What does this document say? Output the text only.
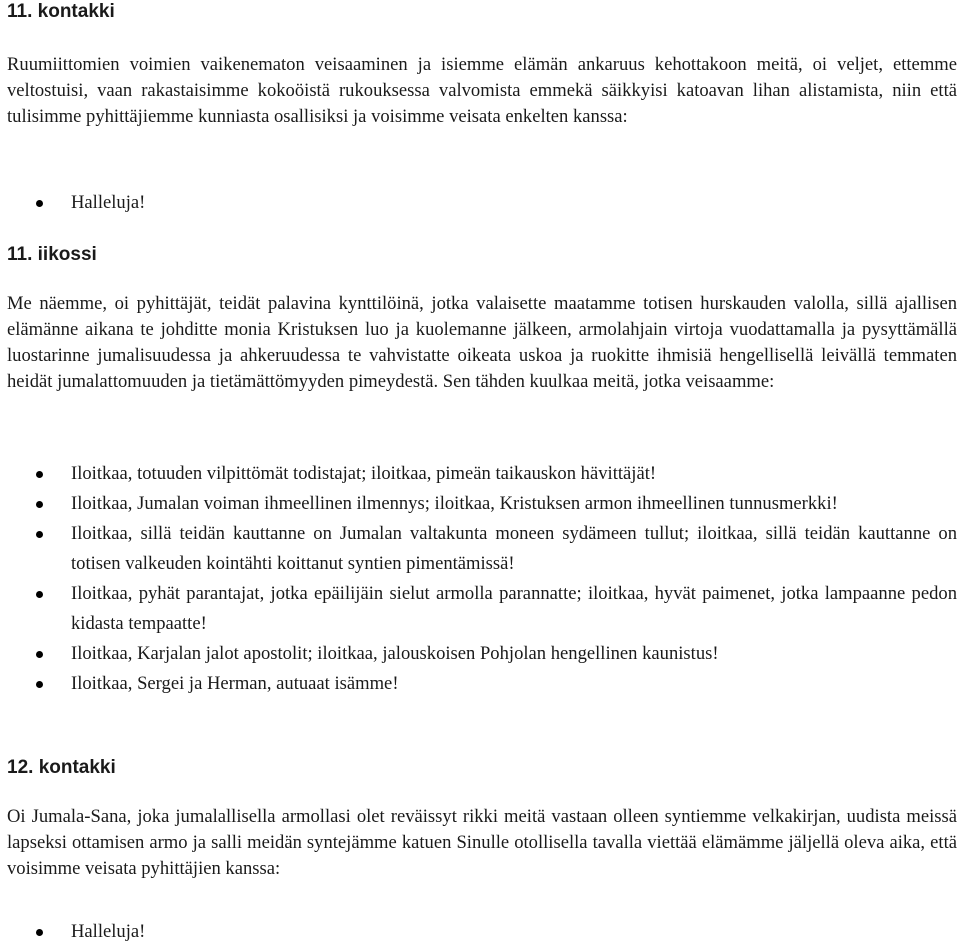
11. kontakki

Ruumiittomien voimien vaikenematon veisaaminen ja isiemme elämän ankaruus kehottakoon meitä, oi veljet, ettemme veltostuisi, vaan rakastaisimme kokoöistä rukouksessa valvomista emmekä säikkyisi katoavan lihan alistamista, niin että tulisimme pyhittäjiemme kunniasta osallisiksi ja voisimme veisata enkelten kanssa:

Halleluja!
11. iikossi

Me näemme, oi pyhittäjät, teidät palavina kynttilöinä, jotka valaisette maatamme totisen hurskauden valolla, sillä ajallisen elämänne aikana te johditte monia Kristuksen luo ja kuolemanne jälkeen, armolahjain virtoja vuodattamalla ja pysyttämällä luostarinne jumalisuudessa ja ahkeruudessa te vahvistatte oikeata uskoa ja ruokitte ihmisiä hengellisellä leivällä temmaten heidät jumalattomuuden ja tietämättömyyden pimeydestä. Sen tähden kuulkaa meitä, jotka veisaamme:

Iloitkaa, totuuden vilpittömät todistajat; iloitkaa, pimeän taikauskon hävittäjät!
Iloitkaa, Jumalan voiman ihmeellinen ilmennys; iloitkaa, Kristuksen armon ihmeellinen tunnusmerkki!
Iloitkaa, sillä teidän kauttanne on Jumalan valtakunta moneen sydämeen tullut; iloitkaa, sillä teidän kauttanne on totisen valkeuden kointähti koittanut syntien pimentämissä!
Iloitkaa, pyhät parantajat, jotka epäilijäin sielut armolla parannatte; iloitkaa, hyvät paimenet, jotka lampaanne pedon kidasta tempaatte!
Iloitkaa, Karjalan jalot apostolit; iloitkaa, jalouskoisen Pohjolan hengellinen kaunistus!
Iloitkaa, Sergei ja Herman, autuaat isämme!
12. kontakki

Oi Jumala-Sana, joka jumalallisella armollasi olet reväissyt rikki meitä vastaan olleen syntiemme velkakirjan, uudista meissä lapseksi ottamisen armo ja salli meidän syntejämme katuen Sinulle otollisella tavalla viettää elämämme jäljellä oleva aika, että voisimme veisata pyhittäjien kanssa:

Halleluja!
